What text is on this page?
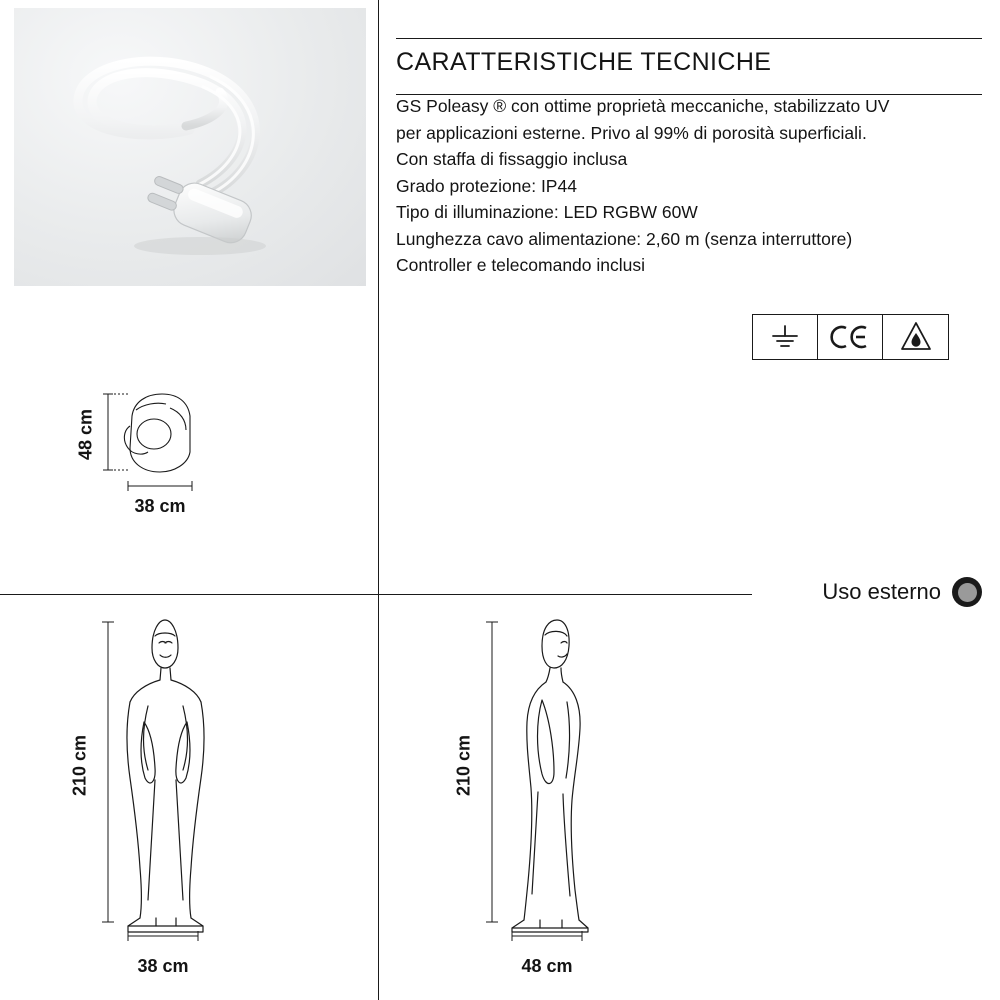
CARATTERISTICHE TECNICHE
GS Poleasy ® con ottime proprietà meccaniche, stabilizzato UV
per applicazioni esterne. Privo al 99% di porosità superficiali.
Con staffa di fissaggio inclusa
Grado protezione: IP44
Tipo di illuminazione: LED RGBW 60W
Lunghezza cavo alimentazione: 2,60 m (senza interruttore)
Controller e telecomando inclusi
48 cm
38 cm
Uso esterno
210 cm
38 cm
210 cm
48 cm
